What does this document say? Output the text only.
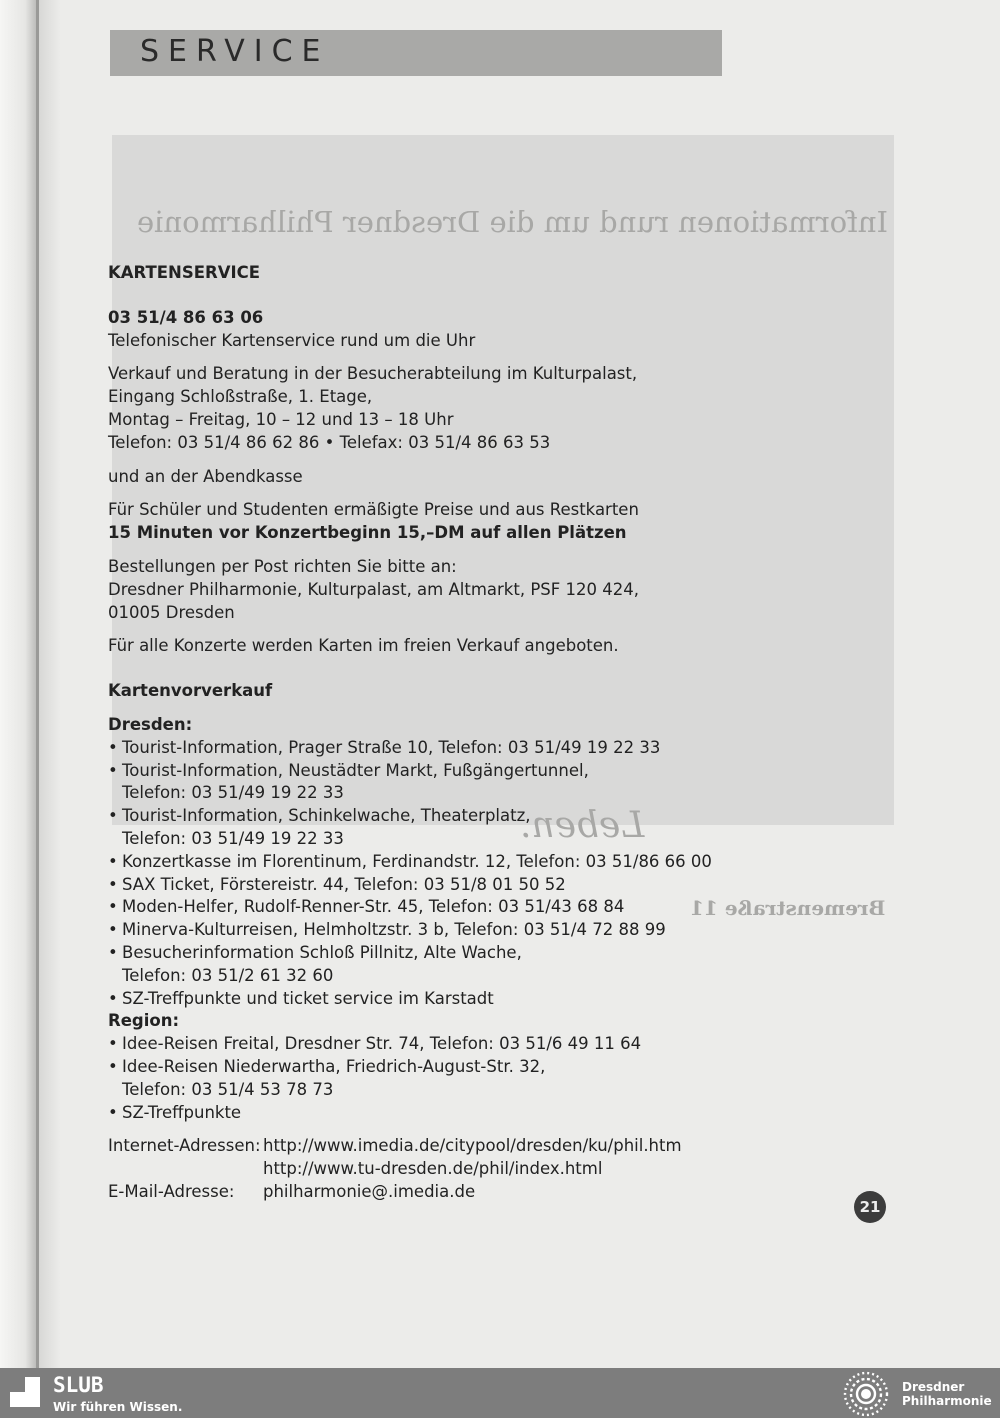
SERVICE
Informationen rund um die Dresdner Philharmonie
Leben.
Bremenstraße 11

KARTENSERVICE

03 51/4 86 63 06

Telefonischer Kartenservice rund um die Uhr

Verkauf und Beratung in der Besucherabteilung im Kulturpalast,

Eingang Schloßstraße, 1. Etage,

Montag – Freitag, 10 – 12 und 13 – 18 Uhr

Telefon: 03 51/4 86 62 86 • Telefax: 03 51/4 86 63 53

und an der Abendkasse

Für Schüler und Studenten ermäßigte Preise und aus Restkarten

15 Minuten vor Konzertbeginn 15,–DM auf allen Plätzen

Bestellungen per Post richten Sie bitte an:

Dresdner Philharmonie, Kulturpalast, am Altmarkt, PSF 120 424,

01005 Dresden

Für alle Konzerte werden Karten im freien Verkauf angeboten.

Kartenvorverkauf

Dresden:

• Tourist-Information, Prager Straße 10, Telefon: 03 51/49 19 22 33
• Tourist-Information, Neustädter Markt, Fußgängertunnel, Telefon: 03 51/49 19 22 33
• Tourist-Information, Schinkelwache, Theaterplatz, Telefon: 03 51/49 19 22 33
• Konzertkasse im Florentinum, Ferdinandstr. 12, Telefon: 03 51/86 66 00
• SAX Ticket, Förstereistr. 44, Telefon: 03 51/8 01 50 52
• Moden-Helfer, Rudolf-Renner-Str. 45, Telefon: 03 51/43 68 84
• Minerva-Kulturreisen, Helmholtzstr. 3 b, Telefon: 03 51/4 72 88 99
• Besucherinformation Schloß Pillnitz, Alte Wache, Telefon: 03 51/2 61 32 60
• SZ-Treffpunkte und ticket service im Karstadt

Region:

• Idee-Reisen Freital, Dresdner Str. 74, Telefon: 03 51/6 49 11 64
• Idee-Reisen Niederwartha, Friedrich-August-Str. 32, Telefon: 03 51/4 53 78 73
• SZ-Treffpunkte
Internet-Adressen: http://www.imedia.de/citypool/dresden/ku/phil.htm
http://www.tu-dresden.de/phil/index.html
E-Mail-Adresse:	philharmonie@.imedia.de
21
SLUB
Wir führen Wissen.
Dresdner
Philharmonie
